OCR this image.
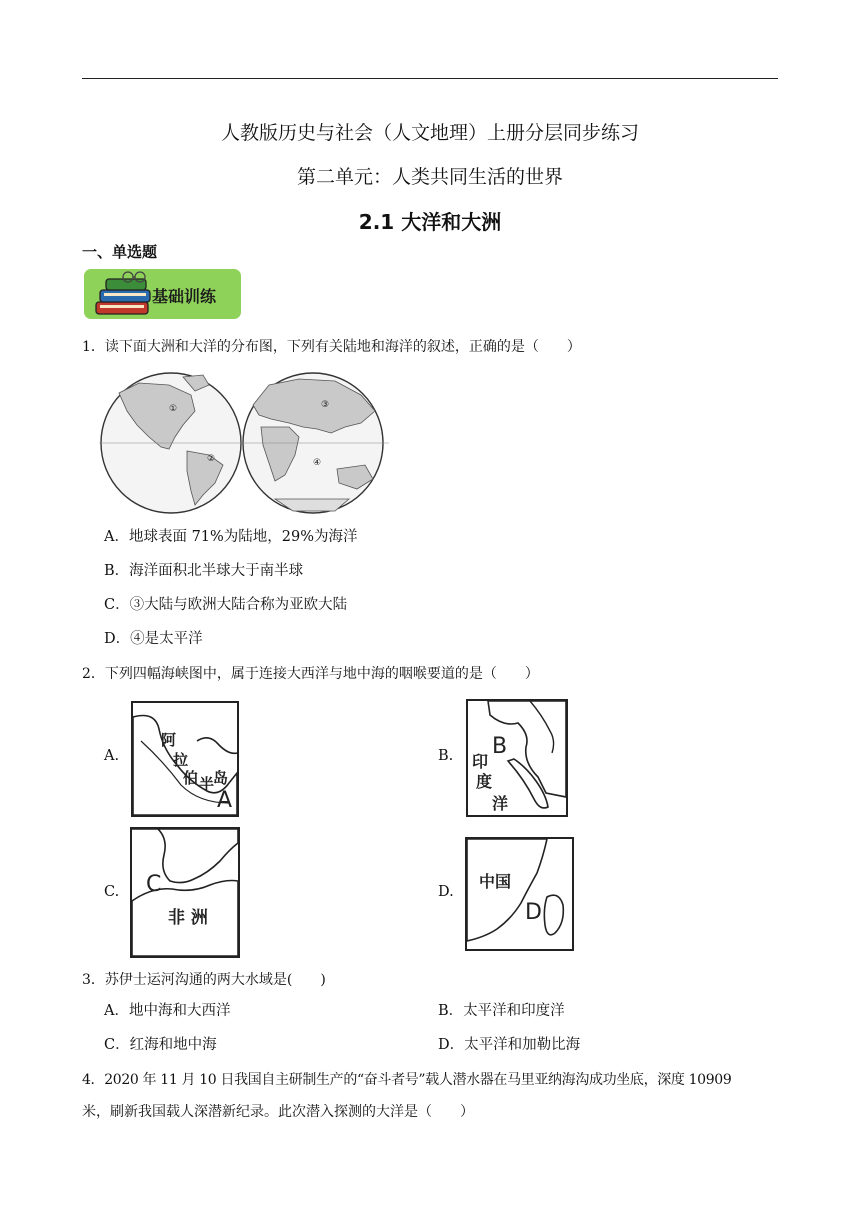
人教版历史与社会（人文地理）上册分层同步练习
第二单元：人类共同生活的世界
2.1 大洋和大洲
一、单选题
基础训练
1．读下面大洲和大洋的分布图，下列有关陆地和海洋的叙述，正确的是（　　）
①
②
③
④
A．地球表面 71%为陆地，29%为海洋
B．海洋面积北半球大于南半球
C．③大陆与欧洲大陆合称为亚欧大陆
D．④是太平洋
2．下列四幅海峡图中，属于连接大西洋与地中海的咽喉要道的是（　　）
A.
阿
拉
伯 半
岛
A
B. B
印
度
洋
C. C
非 洲
D.
中国
D
3．苏伊士运河沟通的两大水域是(　　)
A．地中海和大西洋	B．太平洋和印度洋
C．红海和地中海	D．太平洋和加勒比海
4．2020 年 11 月 10 日我国自主研制生产的“奋斗者号”载人潜水器在马里亚纳海沟成功坐底，深度 10909
米，刷新我国载人深潜新纪录。此次潜入探测的大洋是（　　）
